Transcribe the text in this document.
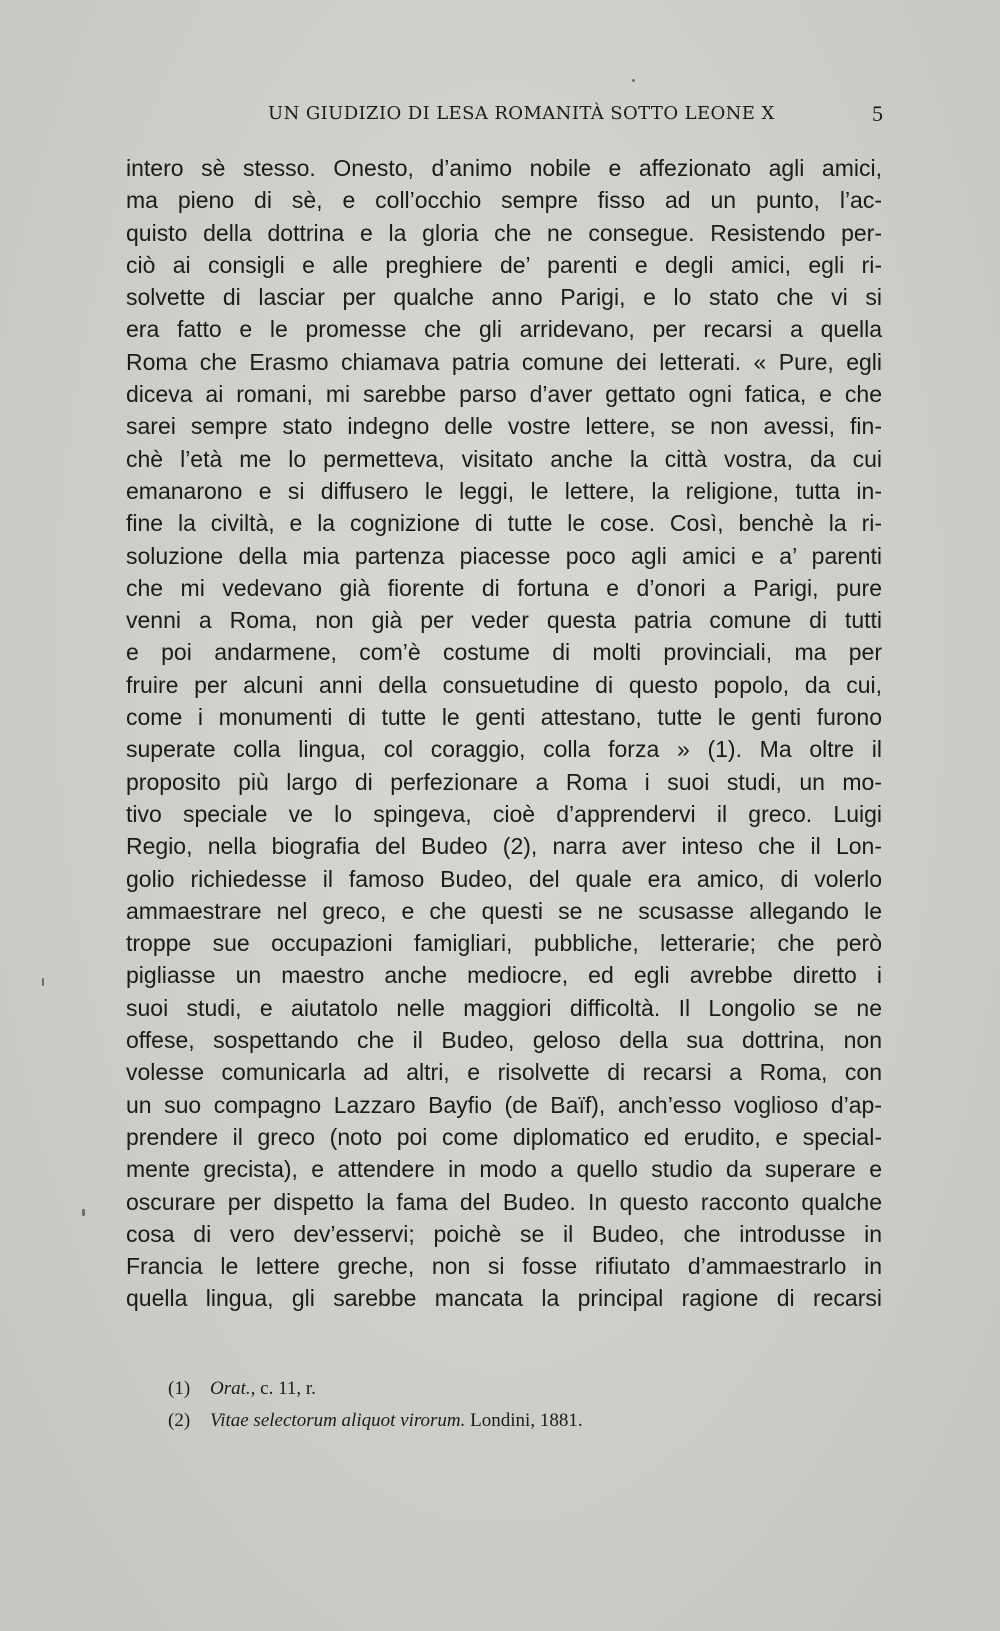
UN GIUDIZIO DI LESA ROMANITÀ SOTTO LEONE X	5
intero sè stesso. Onesto, d’animo nobile e affezionato agli amici,
ma pieno di sè, e coll’occhio sempre fisso ad un punto, l’ac-
quisto della dottrina e la gloria che ne consegue. Resistendo per-
ciò ai consigli e alle preghiere de’ parenti e degli amici, egli ri-
solvette di lasciar per qualche anno Parigi, e lo stato che vi si
era fatto e le promesse che gli arridevano, per recarsi a quella
Roma che Erasmo chiamava patria comune dei letterati. « Pure, egli
diceva ai romani, mi sarebbe parso d’aver gettato ogni fatica, e che
sarei sempre stato indegno delle vostre lettere, se non avessi, fin-
chè l’età me lo permetteva, visitato anche la città vostra, da cui
emanarono e si diffusero le leggi, le lettere, la religione, tutta in-
fine la civiltà, e la cognizione di tutte le cose. Così, benchè la ri-
soluzione della mia partenza piacesse poco agli amici e a’ parenti
che mi vedevano già fiorente di fortuna e d’onori a Parigi, pure
venni a Roma, non già per veder questa patria comune di tutti
e poi andarmene, com’è costume di molti provinciali, ma per
fruire per alcuni anni della consuetudine di questo popolo, da cui,
come i monumenti di tutte le genti attestano, tutte le genti furono
superate colla lingua, col coraggio, colla forza » (1). Ma oltre il
proposito più largo di perfezionare a Roma i suoi studi, un mo-
tivo speciale ve lo spingeva, cioè d’apprendervi il greco. Luigi
Regio, nella biografia del Budeo (2), narra aver inteso che il Lon-
golio richiedesse il famoso Budeo, del quale era amico, di volerlo
ammaestrare nel greco, e che questi se ne scusasse allegando le
troppe sue occupazioni famigliari, pubbliche, letterarie; che però
pigliasse un maestro anche mediocre, ed egli avrebbe diretto i
suoi studi, e aiutatolo nelle maggiori difficoltà. Il Longolio se ne
offese, sospettando che il Budeo, geloso della sua dottrina, non
volesse comunicarla ad altri, e risolvette di recarsi a Roma, con
un suo compagno Lazzaro Bayfio (de Baïf), anch’esso voglioso d’ap-
prendere il greco (noto poi come diplomatico ed erudito, e special-
mente grecista), e attendere in modo a quello studio da superare e
oscurare per dispetto la fama del Budeo. In questo racconto qualche
cosa di vero dev’esservi; poichè se il Budeo, che introdusse in
Francia le lettere greche, non si fosse rifiutato d’ammaestrarlo in
quella lingua, gli sarebbe mancata la principal ragione di recarsi
(1) Orat., c. 11, r.
(2) Vitae selectorum aliquot virorum. Londini, 1881.
